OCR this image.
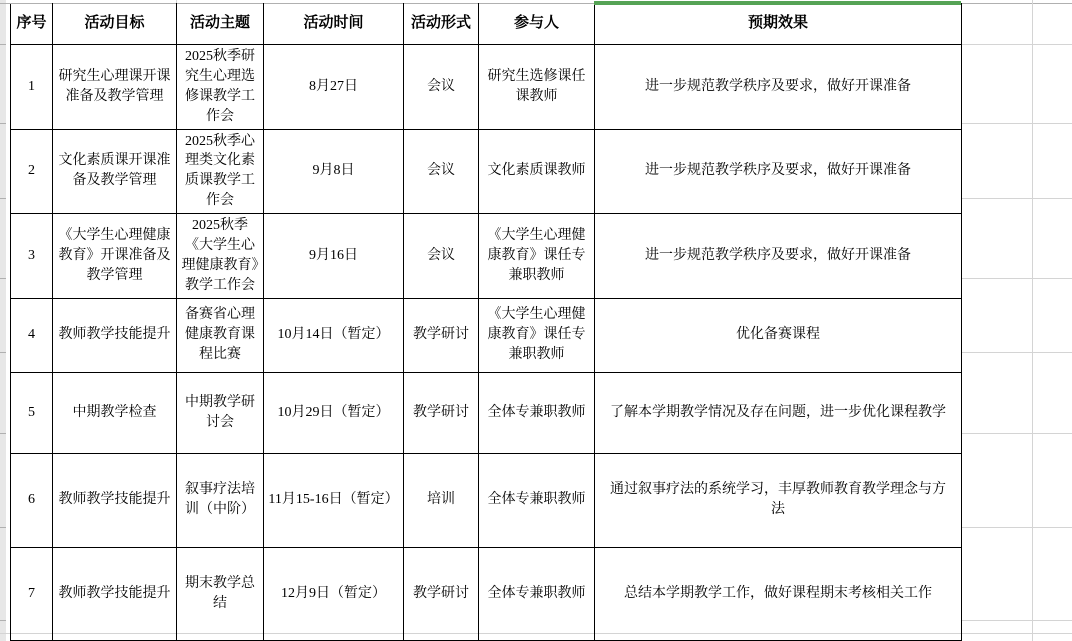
序号	活动目标	活动主题	活动时间	活动形式	参与人	预期效果
1	研究生心理课开课准备及教学管理	2025秋季研究生心理选修课教学工作会	8月27日	会议	研究生选修课任课教师	进一步规范教学秩序及要求，做好开课准备
2	文化素质课开课准备及教学管理	2025秋季心理类文化素质课教学工作会	9月8日	会议	文化素质课教师	进一步规范教学秩序及要求，做好开课准备
3	《大学生心理健康教育》开课准备及教学管理	2025秋季《大学生心理健康教育》教学工作会	9月16日	会议	《大学生心理健康教育》课任专兼职教师	进一步规范教学秩序及要求，做好开课准备
4	教师教学技能提升	备赛省心理健康教育课程比赛	10月14日（暂定）	教学研讨	《大学生心理健康教育》课任专兼职教师	优化备赛课程
5	中期教学检查	中期教学研讨会	10月29日（暂定）	教学研讨	全体专兼职教师	了解本学期教学情况及存在问题，进一步优化课程教学
6	教师教学技能提升	叙事疗法培训（中阶）	11月15-16日（暂定）	培训	全体专兼职教师	通过叙事疗法的系统学习，丰厚教师教育教学理念与方法
7	教师教学技能提升	期末教学总结	12月9日（暂定）	教学研讨	全体专兼职教师	总结本学期教学工作，做好课程期末考核相关工作
